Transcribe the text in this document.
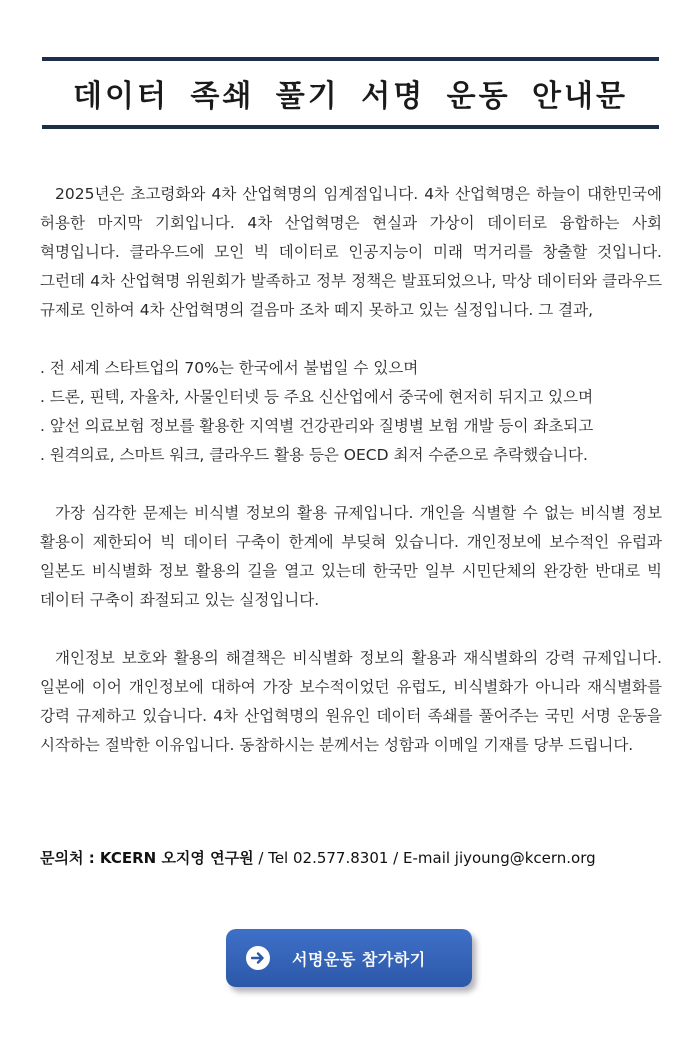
데이터 족쇄 풀기 서명 운동 안내문

2025년은 초고령화와 4차 산업혁명의 임계점입니다. 4차 산업혁명은 하늘이 대한민국에 허용한 마지막 기회입니다. 4차 산업혁명은 현실과 가상이 데이터로 융합하는 사회 혁명입니다. 클라우드에 모인 빅 데이터로 인공지능이 미래 먹거리를 창출할 것입니다. 그런데 4차 산업혁명 위원회가 발족하고 정부 정책은 발표되었으나, 막상 데이터와 클라우드 규제로 인하여 4차 산업혁명의 걸음마 조차 떼지 못하고 있는 실정입니다. 그 결과,

. 전 세계 스타트업의 70%는 한국에서 불법일 수 있으며
. 드론, 핀텍, 자율차, 사물인터넷 등 주요 신산업에서 중국에 현저히 뒤지고 있으며
. 앞선 의료보험 정보를 활용한 지역별 건강관리와 질병별 보험 개발 등이 좌초되고
. 원격의료, 스마트 워크, 클라우드 활용 등은 OECD 최저 수준으로 추락했습니다.

가장 심각한 문제는 비식별 정보의 활용 규제입니다. 개인을 식별할 수 없는 비식별 정보 활용이 제한되어 빅 데이터 구축이 한계에 부딪혀 있습니다. 개인정보에 보수적인 유럽과 일본도 비식별화 정보 활용의 길을 열고 있는데 한국만 일부 시민단체의 완강한 반대로 빅 데이터 구축이 좌절되고 있는 실정입니다.

개인정보 보호와 활용의 해결책은 비식별화 정보의 활용과 재식별화의 강력 규제입니다. 일본에 이어 개인정보에 대하여 가장 보수적이었던 유럽도, 비식별화가 아니라 재식별화를 강력 규제하고 있습니다. 4차 산업혁명의 원유인 데이터 족쇄를 풀어주는 국민 서명 운동을 시작하는 절박한 이유입니다. 동참하시는 분께서는 성함과 이메일 기재를 당부 드립니다.

문의처 : KCERN 오지영 연구원 / Tel 02.577.8301 / E-mail jiyoung@kcern.org
서명운동 참가하기
